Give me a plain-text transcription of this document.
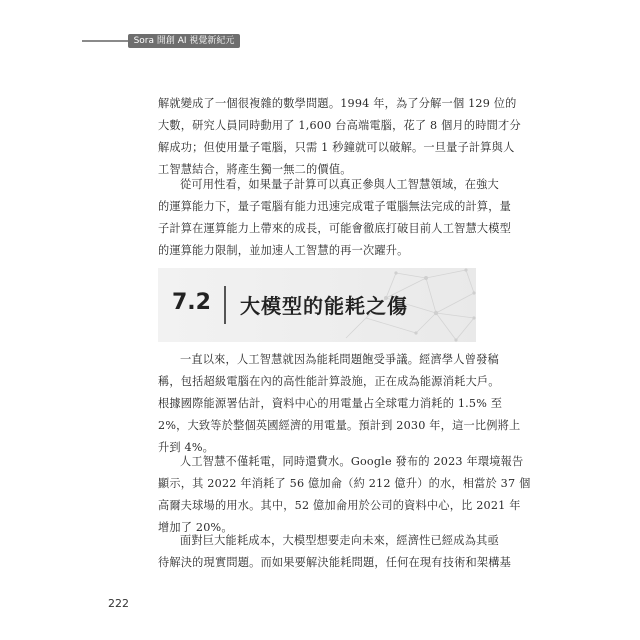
Sora 開創 AI 視覺新紀元

解就變成了一個很複雜的數學問題。1994 年，為了分解一個 129 位的
大數，研究人員同時動用了 1,600 台高端電腦，花了 8 個月的時間才分
解成功；但使用量子電腦，只需 1 秒鐘就可以破解。一旦量子計算與人
工智慧結合，將產生獨一無二的價值。

從可用性看，如果量子計算可以真正參與人工智慧領域，在強大
的運算能力下，量子電腦有能力迅速完成電子電腦無法完成的計算，量
子計算在運算能力上帶來的成長，可能會徹底打破目前人工智慧大模型
的運算能力限制，並加速人工智慧的再一次躍升。

7.2 大模型的能耗之傷

一直以來，人工智慧就因為能耗問題飽受爭議。經濟學人曾發稿
稱，包括超級電腦在內的高性能計算設施，正在成為能源消耗大戶。
根據國際能源署估計，資料中心的用電量占全球電力消耗的 1.5% 至
2%，大致等於整個英國經濟的用電量。預計到 2030 年，這一比例將上
升到 4%。

人工智慧不僅耗電，同時還費水。Google 發布的 2023 年環境報告
顯示，其 2022 年消耗了 56 億加侖（約 212 億升）的水，相當於 37 個
高爾夫球場的用水。其中，52 億加侖用於公司的資料中心，比 2021 年
增加了 20%。

面對巨大能耗成本，大模型想要走向未來，經濟性已經成為其亟
待解決的現實問題。而如果要解決能耗問題，任何在現有技術和架構基

222
